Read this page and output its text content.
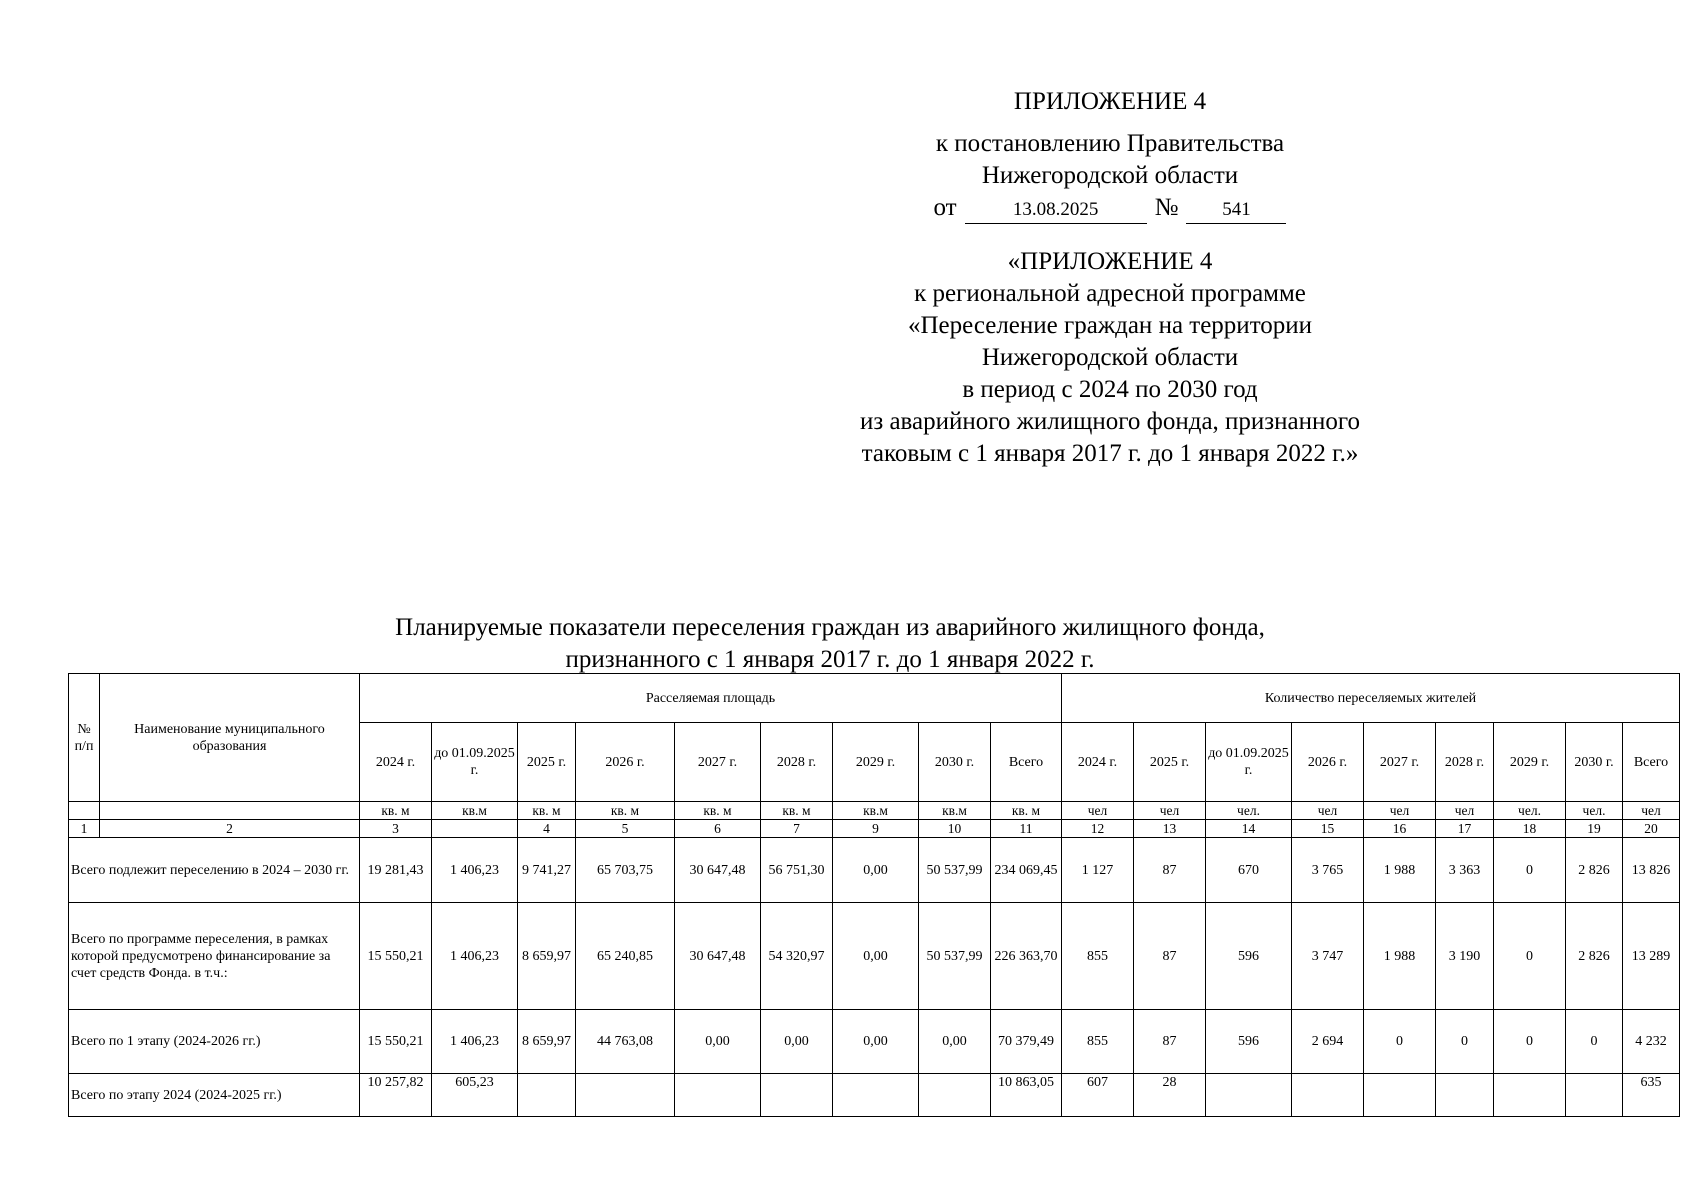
ПРИЛОЖЕНИЕ 4
к постановлению Правительства
Нижегородской области
от	13.08.2025	№	541
«ПРИЛОЖЕНИЕ 4
к региональной адресной программе
«Переселение граждан на территории
Нижегородской области
в период с 2024 по 2030 год
из аварийного жилищного фонда, признанного
таковым с 1 января 2017 г. до 1 января 2022 г.»
Планируемые показатели переселения граждан из аварийного жилищного фонда,
признанного с 1 января 2017 г. до 1 января 2022 г.
№ п/п	Наименование муниципального образования	Расселяемая площадь									Количество переселяемых жителей								
		2024 г.	до 01.09.2025 г.	2025 г.	2026 г.	2027 г.	2028 г.	2029 г.	2030 г.	Всего	2024 г.	2025 г.	до 01.09.2025 г.	2026 г.	2027 г.	2028 г.	2029 г.	2030 г.	Всего
		кв. м	кв.м	кв. м	кв. м	кв. м	кв. м	кв.м	кв.м	кв. м	чел	чел	чел.	чел	чел	чел	чел.	чел.	чел
1	2	3		4	5	6	7	9	10	11	12	13	14	15	16	17	18	19	20
Всего подлежит переселению в 2024 – 2030 гг.		19 281,43	1 406,23	9 741,27	65 703,75	30 647,48	56 751,30	0,00	50 537,99	234 069,45	1 127	87	670	3 765	1 988	3 363	0	2 826	13 826
Всего по программе переселения, в рамках которой предусмотрено финансирование за счет средств Фонда. в т.ч.:		15 550,21	1 406,23	8 659,97	65 240,85	30 647,48	54 320,97	0,00	50 537,99	226 363,70	855	87	596	3 747	1 988	3 190	0	2 826	13 289
Всего по 1 этапу (2024-2026 гг.)		15 550,21	1 406,23	8 659,97	44 763,08	0,00	0,00	0,00	0,00	70 379,49	855	87	596	2 694	0	0	0	0	4 232
Всего по этапу 2024 (2024-2025 гг.)		10 257,82	605,23							10 863,05	607	28							635
